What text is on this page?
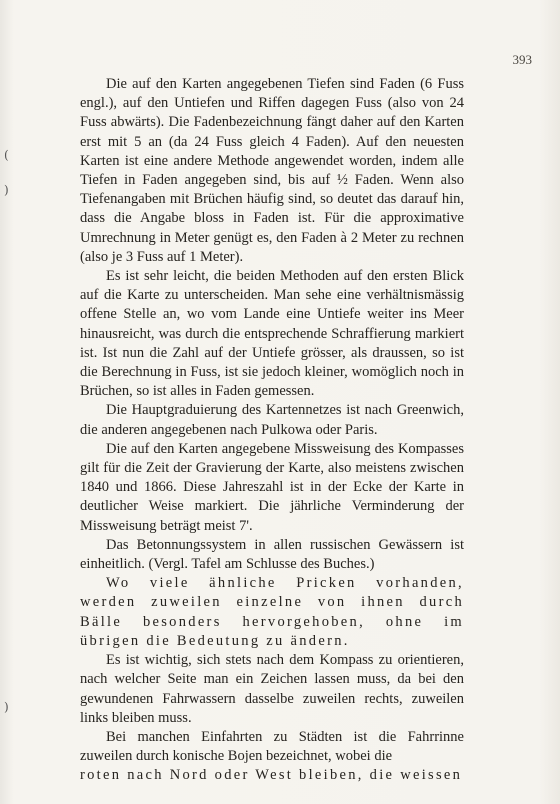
393
(
)
)

Die auf den Karten angegebenen Tiefen sind Faden (6 Fuss engl.), auf den Untiefen und Riffen dagegen Fuss (also von 24 Fuss abwärts). Die Fadenbezeichnung fängt daher auf den Karten erst mit 5 an (da 24 Fuss gleich 4 Faden). Auf den neuesten Karten ist eine andere Methode angewendet worden, indem alle Tiefen in Faden angegeben sind, bis auf ½ Faden. Wenn also Tiefenangaben mit Brüchen häufig sind, so deutet das darauf hin, dass die Angabe bloss in Faden ist. Für die approximative Umrechnung in Meter genügt es, den Faden à 2 Meter zu rechnen (also je 3 Fuss auf 1 Meter).

Es ist sehr leicht, die beiden Methoden auf den ersten Blick auf die Karte zu unterscheiden. Man sehe eine verhältnismässig offene Stelle an, wo vom Lande eine Untiefe weiter ins Meer hinausreicht, was durch die entsprechende Schraffierung markiert ist. Ist nun die Zahl auf der Untiefe grösser, als draussen, so ist die Berechnung in Fuss, ist sie jedoch kleiner, womöglich noch in Brüchen, so ist alles in Faden gemessen.

Die Hauptgraduierung des Kartennetzes ist nach Greenwich, die anderen angegebenen nach Pulkowa oder Paris.

Die auf den Karten angegebene Missweisung des Kompasses gilt für die Zeit der Gravierung der Karte, also meistens zwischen 1840 und 1866. Diese Jahreszahl ist in der Ecke der Karte in deutlicher Weise markiert. Die jährliche Verminderung der Missweisung beträgt meist 7'.

Das Betonnungssystem in allen russischen Gewässern ist einheitlich. (Vergl. Tafel am Schlusse des Buches.)

Wo viele ähnliche Pricken vorhanden, werden zuweilen einzelne von ihnen durch Bälle besonders hervorgehoben, ohne im übrigen die Bedeutung zu ändern.

Es ist wichtig, sich stets nach dem Kompass zu orientieren, nach welcher Seite man ein Zeichen lassen muss, da bei den gewundenen Fahrwassern dasselbe zuweilen rechts, zuweilen links bleiben muss.

Bei manchen Einfahrten zu Städten ist die Fahrrinne zuweilen durch konische Bojen bezeichnet, wobei die

roten nach Nord oder West bleiben, die weissen
